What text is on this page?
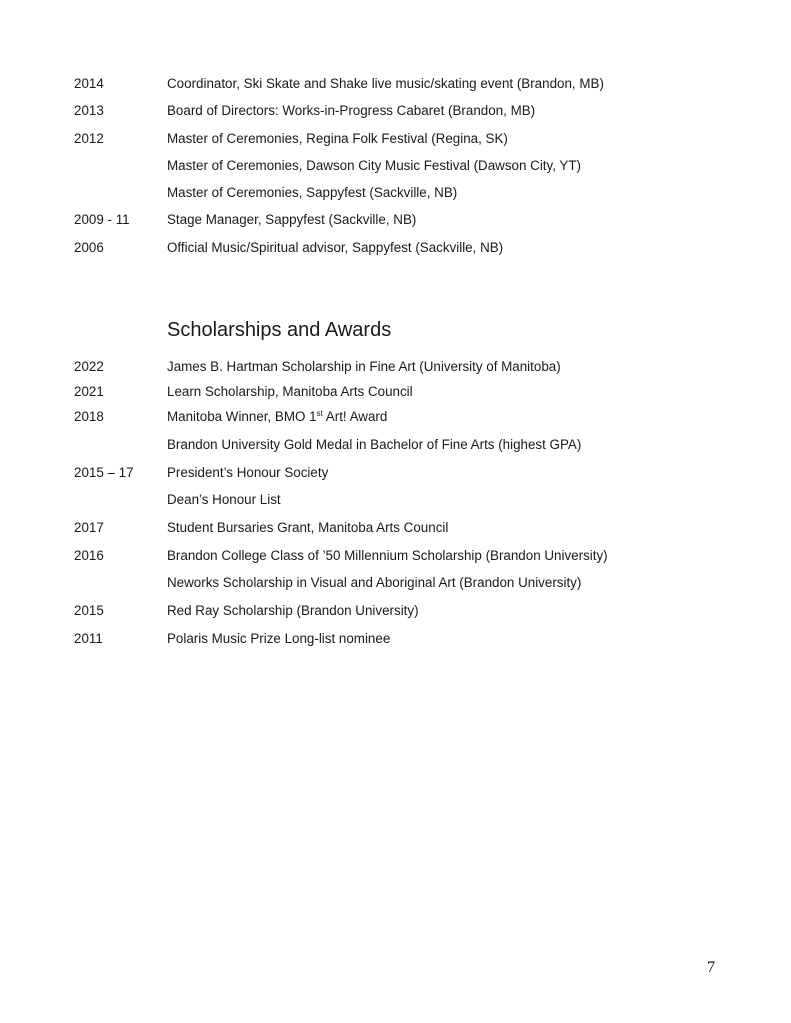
2014	Coordinator, Ski Skate and Shake live music/skating event (Brandon, MB)
2013	Board of Directors: Works-in-Progress Cabaret (Brandon, MB)
2012	Master of Ceremonies, Regina Folk Festival (Regina, SK)
Master of Ceremonies, Dawson City Music Festival (Dawson City, YT)
Master of Ceremonies, Sappyfest (Sackville, NB)
2009 - 11	Stage Manager, Sappyfest (Sackville, NB)
2006	Official Music/Spiritual advisor, Sappyfest (Sackville, NB)
Scholarships and Awards
2022	James B. Hartman Scholarship in Fine Art (University of Manitoba)
2021	Learn Scholarship, Manitoba Arts Council
2018	Manitoba Winner, BMO 1st Art! Award
Brandon University Gold Medal in Bachelor of Fine Arts (highest GPA)
2015 – 17 President’s Honour Society
Dean’s Honour List
2017	Student Bursaries Grant, Manitoba Arts Council
2016	Brandon College Class of ’50 Millennium Scholarship (Brandon University)
Neworks Scholarship in Visual and Aboriginal Art (Brandon University)
2015	Red Ray Scholarship (Brandon University)
2011	Polaris Music Prize Long-list nominee
7
